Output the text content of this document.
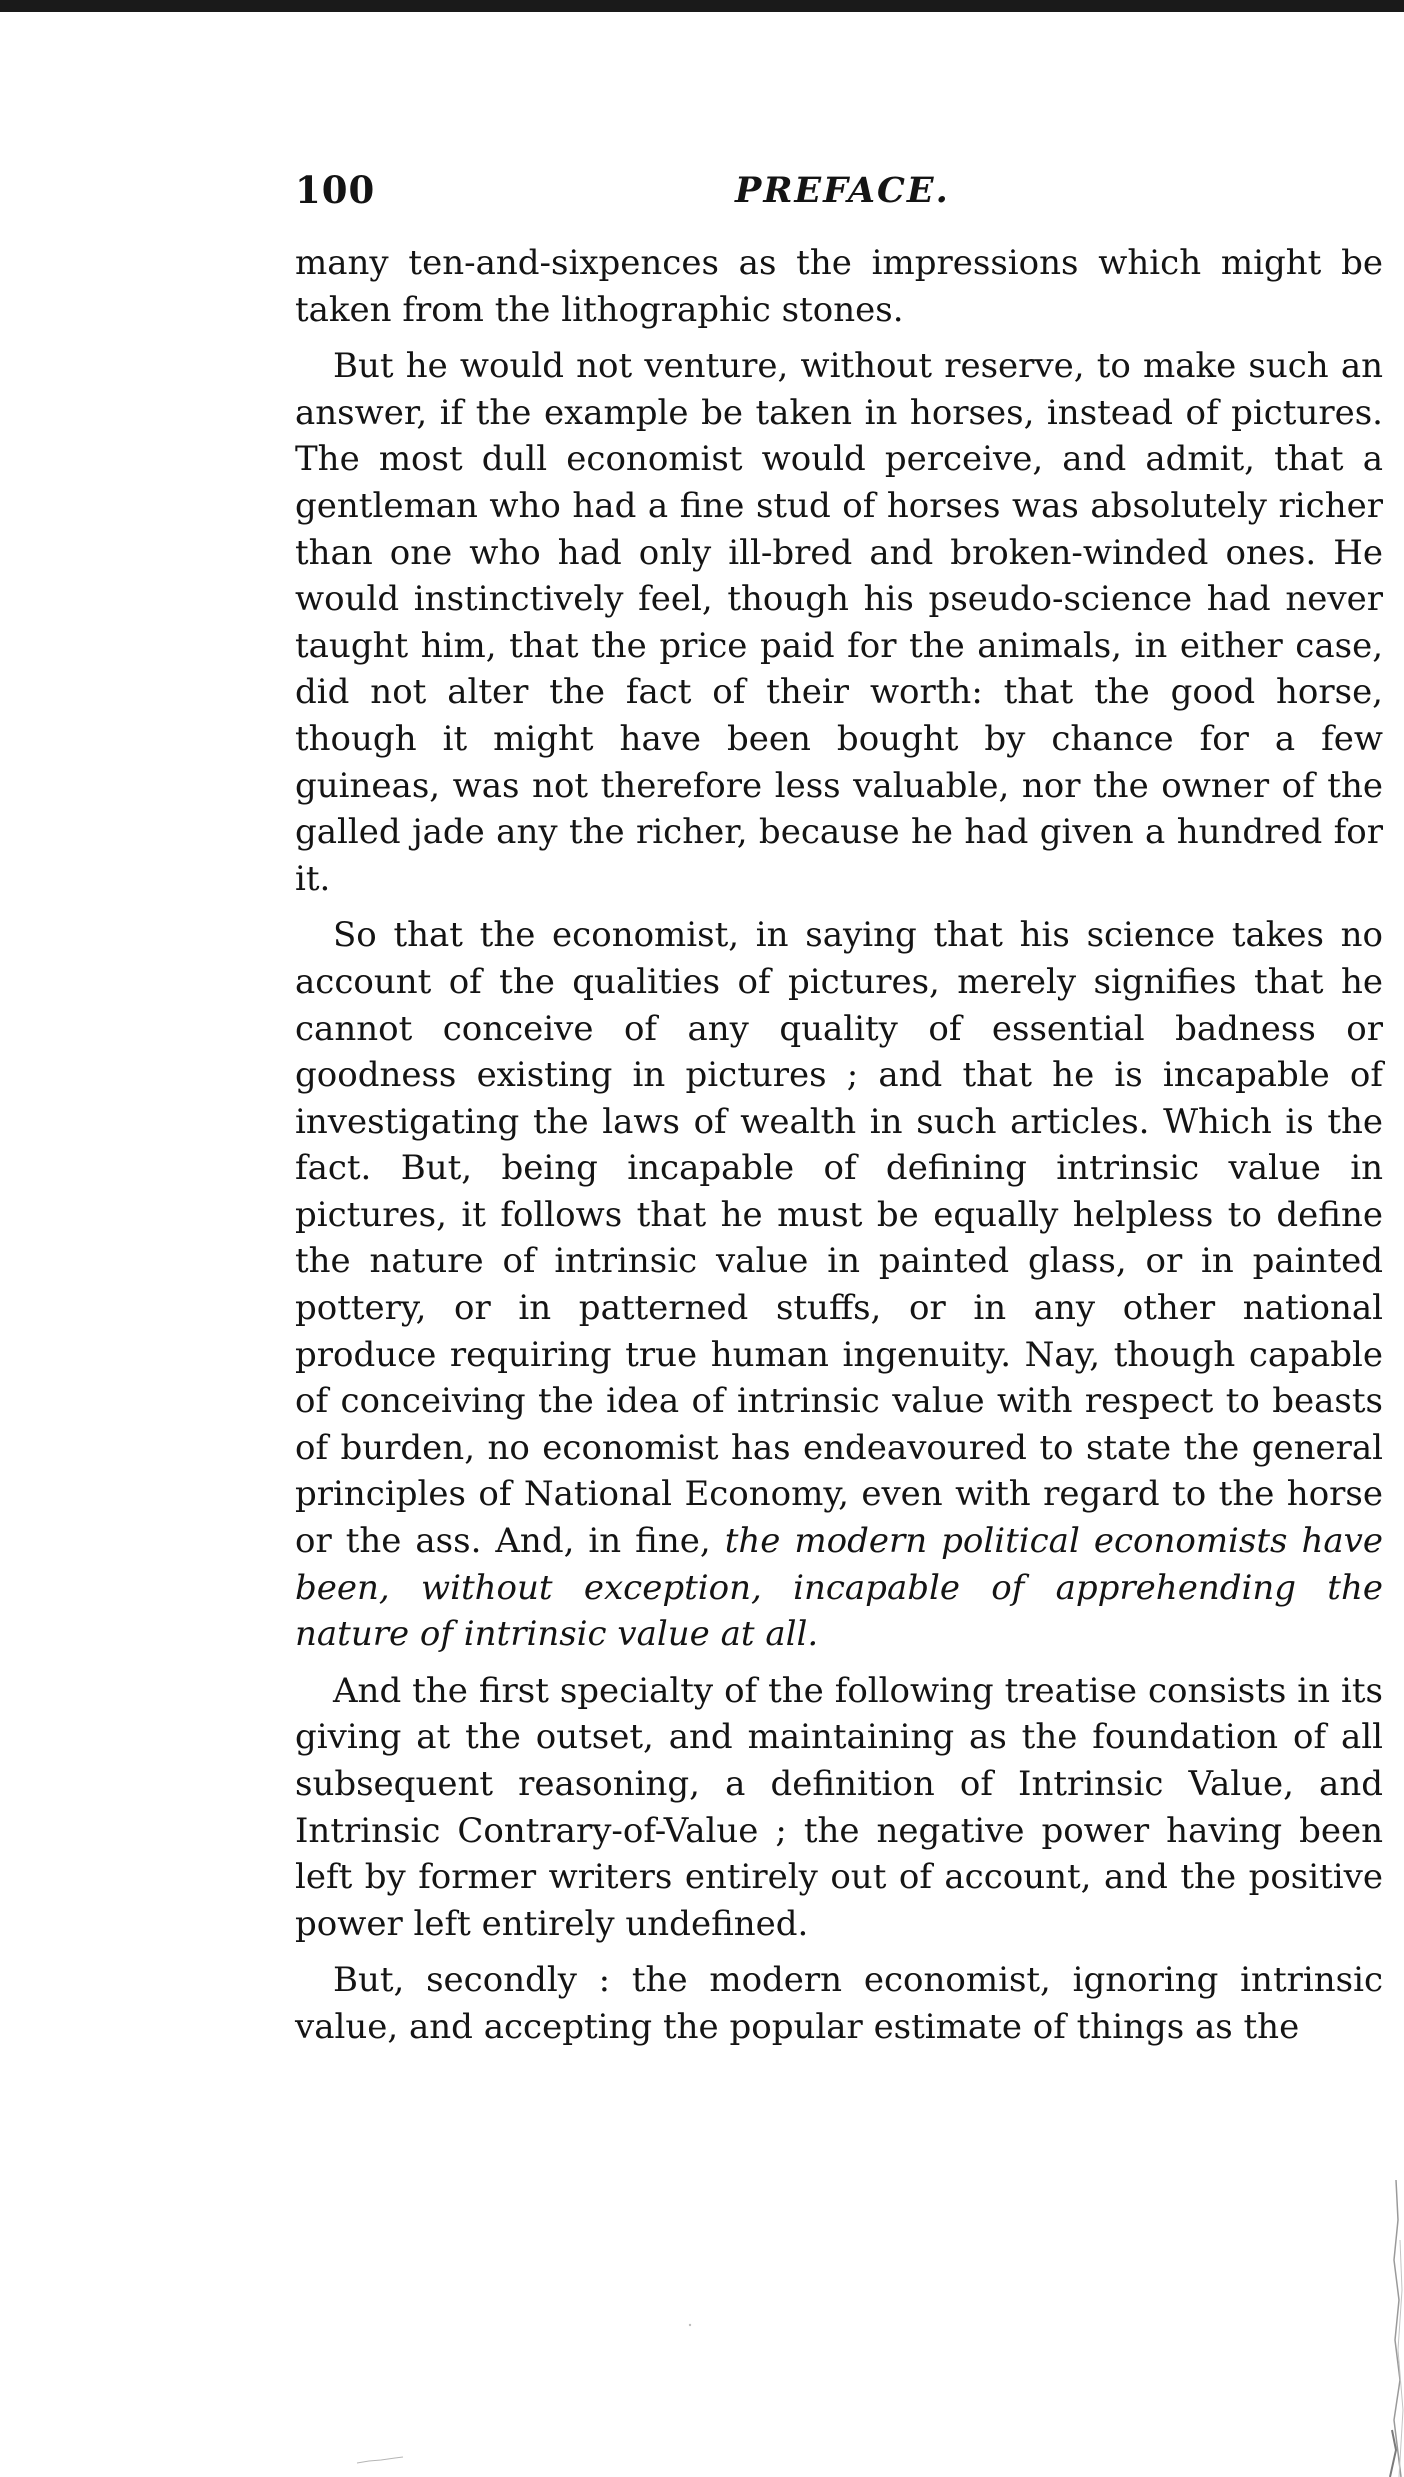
100	PREFACE.

many ten-and-sixpences as the impressions which might be taken from the lithographic stones.

But he would not venture, without reserve, to make such an answer, if the example be taken in horses, instead of pictures. The most dull economist would perceive, and admit, that a gentleman who had a fine stud of horses was absolutely richer than one who had only ill-bred and broken-winded ones. He would instinctively feel, though his pseudo-science had never taught him, that the price paid for the animals, in either case, did not alter the fact of their worth: that the good horse, though it might have been bought by chance for a few guineas, was not therefore less valuable, nor the owner of the galled jade any the richer, because he had given a hundred for it.

So that the economist, in saying that his science takes no account of the qualities of pictures, merely signifies that he cannot conceive of any quality of essential badness or goodness existing in pictures ; and that he is incapable of investigating the laws of wealth in such articles. Which is the fact. But, being incapable of defining intrinsic value in pictures, it follows that he must be equally helpless to define the nature of intrinsic value in painted glass, or in painted pottery, or in patterned stuffs, or in any other national produce requiring true human ingenuity. Nay, though capable of conceiving the idea of intrinsic value with respect to beasts of burden, no economist has endeavoured to state the general principles of National Economy, even with regard to the horse or the ass. And, in fine, the modern political economists have been, without exception, incapable of apprehending the nature of intrinsic value at all.

And the first specialty of the following treatise consists in its giving at the outset, and maintaining as the foundation of all subsequent reasoning, a definition of Intrinsic Value, and Intrinsic Contrary-of-Value ; the negative power having been left by former writers entirely out of account, and the positive power left entirely undefined.

But, secondly : the modern economist, ignoring intrinsic value, and accepting the popular estimate of things as the
